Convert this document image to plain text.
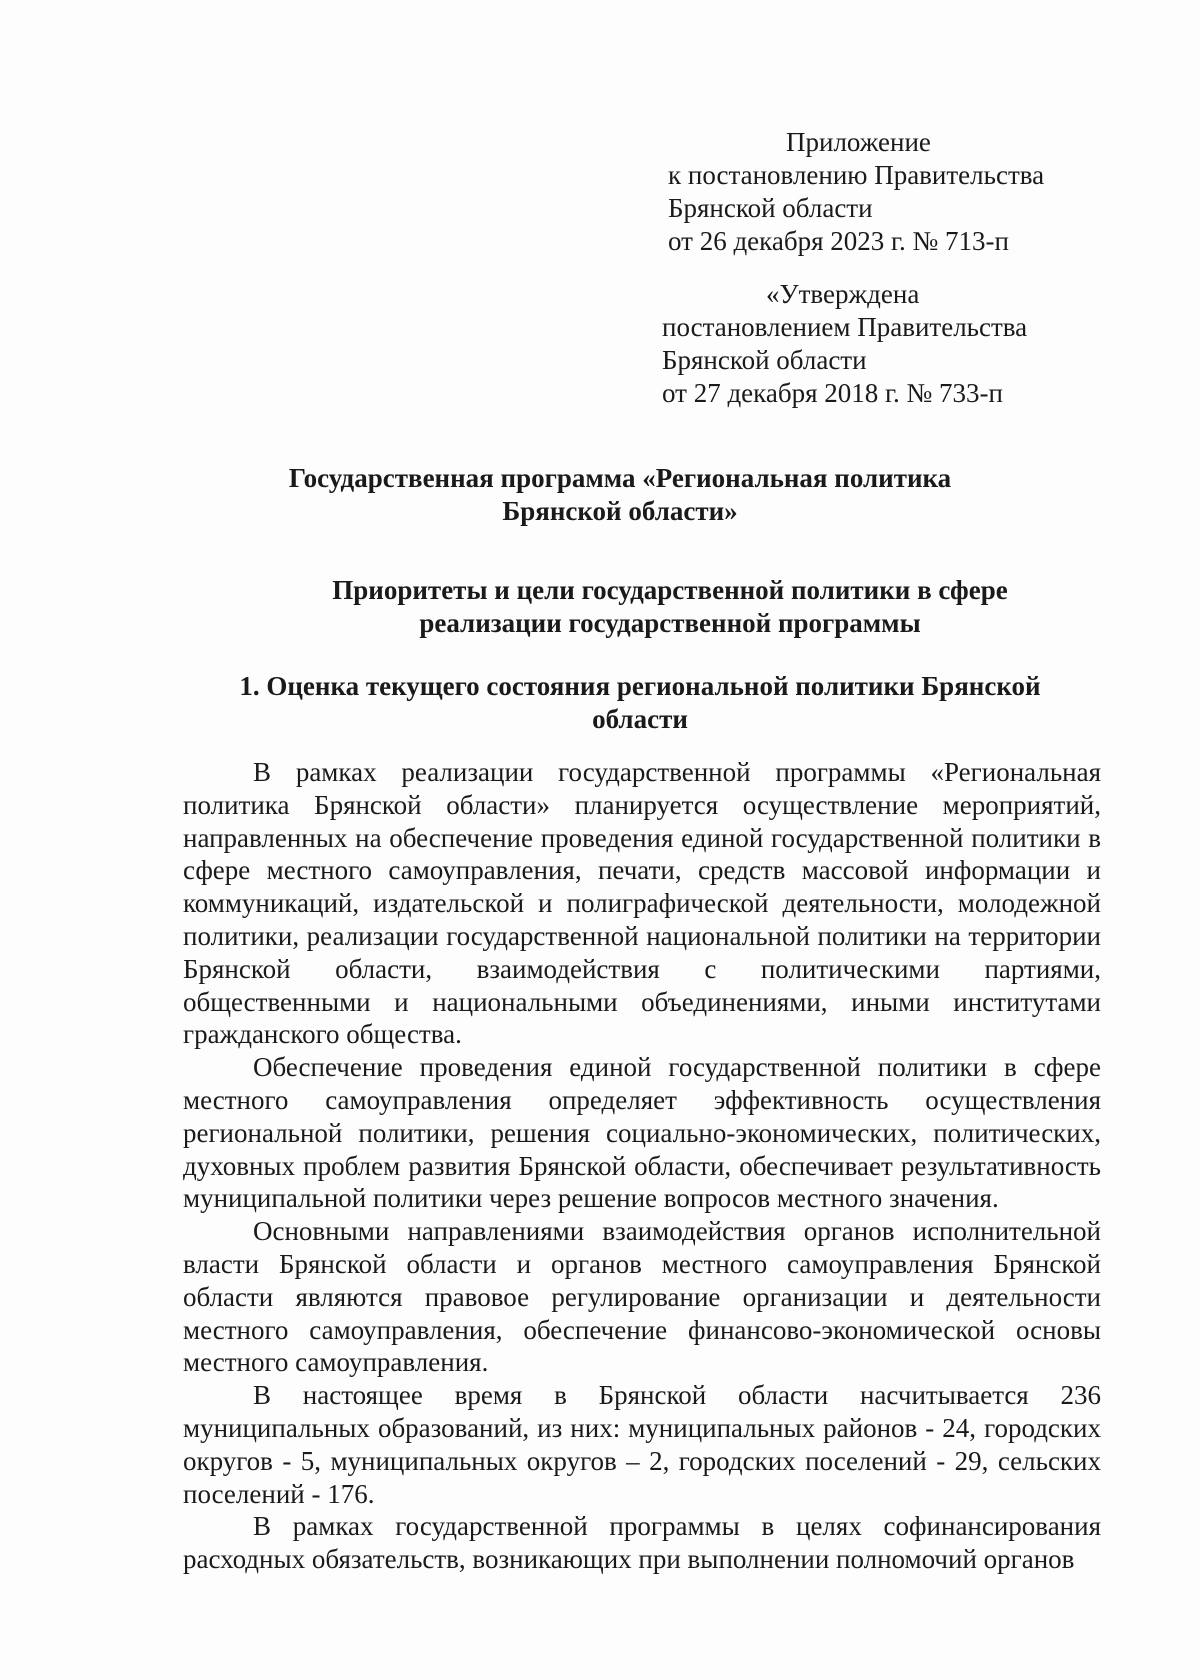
Приложение
к постановлению Правительства
Брянской области
от 26 декабря 2023 г. № 713-п
«Утверждена
постановлением Правительства
Брянской области
от 27 декабря 2018 г. № 733-п
Государственная программа «Региональная политика
Брянской области»
Приоритеты и цели государственной политики в сфере
реализации государственной программы
1. Оценка текущего состояния региональной политики Брянской
области

В рамках реализации государственной программы «Региональная политика Брянской области» планируется осуществление мероприятий, направленных на обеспечение проведения единой государственной политики в сфере местного самоуправления, печати, средств массовой информации и коммуникаций, издательской и полиграфической деятельности, молодежной политики, реализации государственной национальной политики на территории Брянской области, взаимодействия с политическими партиями, общественными и национальными объединениями, иными институтами гражданского общества.

Обеспечение проведения единой государственной политики в сфере местного самоуправления определяет эффективность осуществления региональной политики, решения социально-экономических, политических, духовных проблем развития Брянской области, обеспечивает результативность муниципальной политики через решение вопросов местного значения.

Основными направлениями взаимодействия органов исполнительной власти Брянской области и органов местного самоуправления Брянской области являются правовое регулирование организации и деятельности местного самоуправления, обеспечение финансово-экономической основы местного самоуправления.

В настоящее время в Брянской области насчитывается 236 муниципальных образований, из них: муниципальных районов - 24, городских округов - 5, муниципальных округов – 2, городских поселений - 29, сельских поселений - 176.

В рамках государственной программы в целях софинансирования расходных обязательств, возникающих при выполнении полномочий органов
